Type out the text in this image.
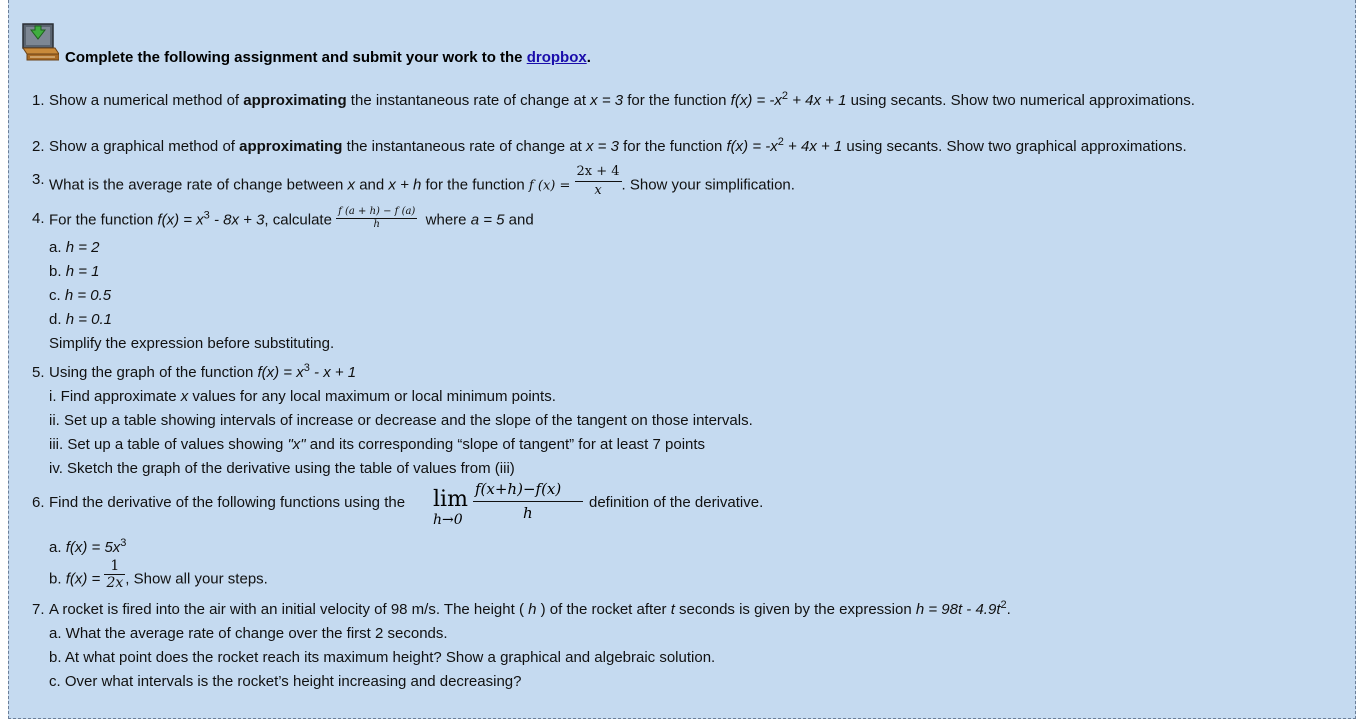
Complete the following assignment and submit your work to the dropbox.
1. Show a numerical method of approximating the instantaneous rate of change at x = 3 for the function $f(x) = -x^2 + 4x + 1$ using secants. Show two numerical approximations.
2. Show a graphical method of approximating the instantaneous rate of change at x = 3 for the function $f(x) = -x^2 + 4x + 1$ using secants. Show two graphical approximations.
3. What is the average rate of change between x and x + h for the function f $(x) = \frac{2x + 4}{x}$ . Show your simplification.
4. For the function $f(x) = x^3 - 8x + 3$, calculate $\frac{f (a + h) - f (a)}{h}$ where a = 5 and
a. h = 2
b. h = 1
c. h = 0.5
d. h = 0.1
Simplify the expression before substituting.
5. Using the graph of the function $f(x) = x^3 - x + 1$
i. Find approximate x values for any local maximum or local minimum points.
ii. Set up a table showing intervals of increase or decrease and the slope of the tangent on those intervals.
iii. Set up a table of values showing "x" and its corresponding “slope of tangent” for at least 7 points
iv. Sketch the graph of the derivative using the table of values from (iii)
6. Find the derivative of the following functions using the lim
h→0
f(x+h)−f(x)
h
definition of the derivative.
a. $f(x) = 5x^3$
b. $f(x) = \frac{1}{2x}$ , Show all your steps.
7. A rocket is fired into the air with an initial velocity of 98 m/s. The height ( h ) of the rocket after t seconds is given by the expression $h = 98t - 4.9t^2$.
a. What the average rate of change over the first 2 seconds.
b. At what point does the rocket reach its maximum height? Show a graphical and algebraic solution.
c. Over what intervals is the rocket’s height increasing and decreasing?
